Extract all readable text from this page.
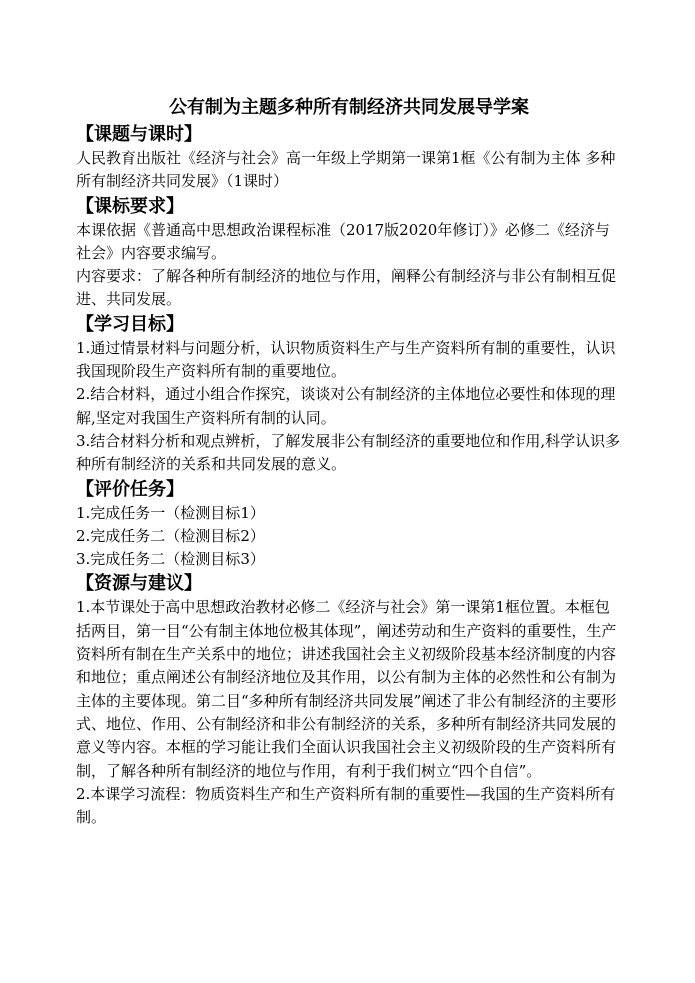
公有制为主题多种所有制经济共同发展导学案
【课题与课时】

人民教育出版社《经济与社会》高一年级上学期第一课第1框《公有制为主体 多种所有制经济共同发展》（1课时）

【课标要求】

本课依据《普通高中思想政治课程标准（2017版2020年修订）》必修二《经济与社会》内容要求编写。

内容要求：了解各种所有制经济的地位与作用，阐释公有制经济与非公有制相互促进、共同发展。

【学习目标】

1.通过情景材料与问题分析，认识物质资料生产与生产资料所有制的重要性，认识我国现阶段生产资料所有制的重要地位。

2.结合材料，通过小组合作探究，谈谈对公有制经济的主体地位必要性和体现的理解,坚定对我国生产资料所有制的认同。

3.结合材料分析和观点辨析，了解发展非公有制经济的重要地位和作用,科学认识多种所有制经济的关系和共同发展的意义。

【评价任务】

1.完成任务一（检测目标1）

2.完成任务二（检测目标2）

3.完成任务二（检测目标3）

【资源与建议】

1.本节课处于高中思想政治教材必修二《经济与社会》第一课第1框位置。本框包括两目，第一目“公有制主体地位极其体现”，阐述劳动和生产资料的重要性，生产资料所有制在生产关系中的地位；讲述我国社会主义初级阶段基本经济制度的内容和地位；重点阐述公有制经济地位及其作用，以公有制为主体的必然性和公有制为主体的主要体现。第二目“多种所有制经济共同发展”阐述了非公有制经济的主要形式、地位、作用、公有制经济和非公有制经济的关系，多种所有制经济共同发展的意义等内容。本框的学习能让我们全面认识我国社会主义初级阶段的生产资料所有制，了解各种所有制经济的地位与作用，有利于我们树立“四个自信”。

2.本课学习流程：物质资料生产和生产资料所有制的重要性—我国的生产资料所有制。
